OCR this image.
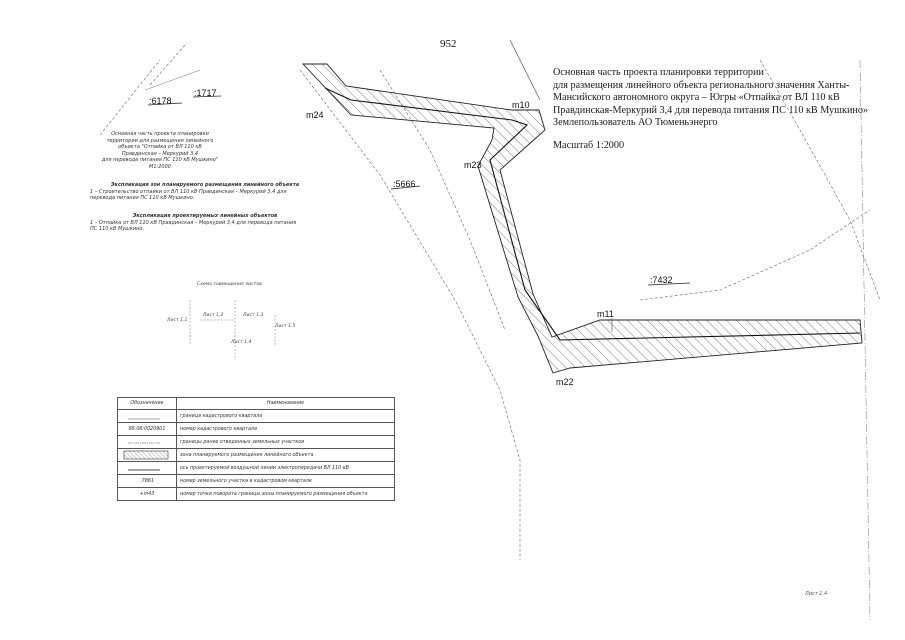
m10
m24
m23
m11
m22
:6178
:1717
:5666
:7432
952
Основная часть проекта планировки территории
для размещения линейного объекта регионального значения Ханты-
Мансийского автономного округа – Югры «Отпайка от ВЛ 110 кВ
Правдинская-Меркурий 3,4 для перевода питания ПС 110 кВ Мушкино»
Землепользователь АО Тюменьэнерго
Масштаб 1:2000
Основная часть проекта планировки
территории для размещения линейного
объекта "Отпайка от ВЛ 110 кВ
Правдинская – Меркурий 3,4
для перевода питания ПС 110 кВ Мушкино"
М1:2000
Экспликация зон планируемого размещения линейного объекта
1 – Строительство отпайки от ВЛ 110 кВ Правдинская – Меркурий 3,4 для
перевода питания ПС 110 кВ Мушкино.
Экспликация проектируемых линейных объектов
1 – Отпайка от ВЛ 110 кВ Правдинская – Меркурий 3,4 для перевода питания
ПС 110 кВ Мушкино.
Схема совмещения листов
Лист 1.1
Лист 1.2	Лист 1.3
Лист 1.4
Лист 1.5
Обозначение	Наименование
	граница кадастрового квартала
86:08:0020901	номер кадастрового квартала
	границы ранее отведенных земельных участков
	зона планируемого размещения линейного объекта
	ось проектируемой воздушной линии электропередачи ВЛ 110 кВ
:7861	номер земельного участка в кадастровом квартале
+m43	номер точки поворота границы зоны планируемого размещения объекта
Лист 1.4
